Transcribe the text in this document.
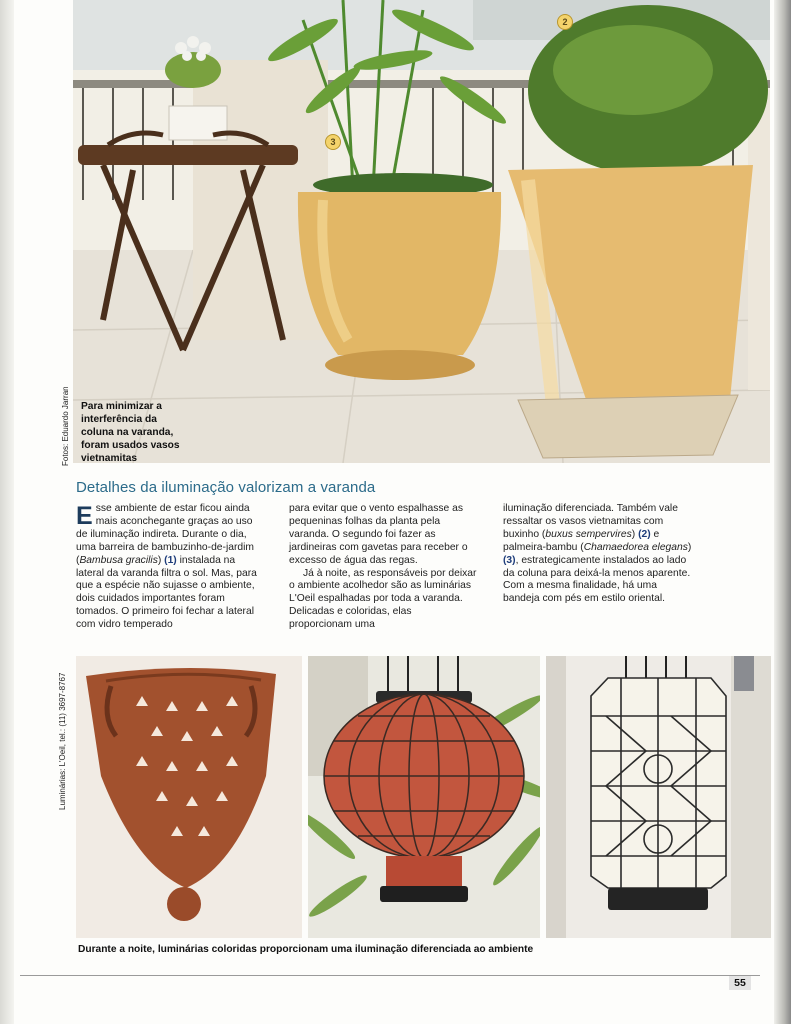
2
3
Para minimizar a interferência da coluna na varanda, foram usados vasos vietnamitas
Fotos: Eduardo Jarran
Detalhes da iluminação valorizam a varanda

Esse ambiente de estar ficou ainda mais aconchegante graças ao uso de iluminação indireta. Durante o dia, uma barreira de bambuzinho-de-jardim (Bambusa gracilis) (1) instalada na lateral da varanda filtra o sol. Mas, para que a espécie não sujasse o ambiente, dois cuidados importantes foram tomados. O primeiro foi fechar a lateral com vidro temperado

para evitar que o vento espalhasse as pequeninas folhas da planta pela varanda. O segundo foi fazer as jardineiras com gavetas para receber o excesso de água das regas.

Já à noite, as responsáveis por deixar o ambiente acolhedor são as luminárias L'Oeil espalhadas por toda a varanda. Delicadas e coloridas, elas proporcionam uma

iluminação diferenciada. Também vale ressaltar os vasos vietnamitas com buxinho (buxus sempervires) (2) e palmeira-bambu (Chamaedorea elegans) (3), estrategicamente instalados ao lado da coluna para deixá-la menos aparente. Com a mesma finalidade, há uma bandeja com pés em estilo oriental.

Luminárias: L'Oeil, tel.: (11) 3697-8767
Durante a noite, luminárias coloridas proporcionam uma iluminação diferenciada ao ambiente
55
